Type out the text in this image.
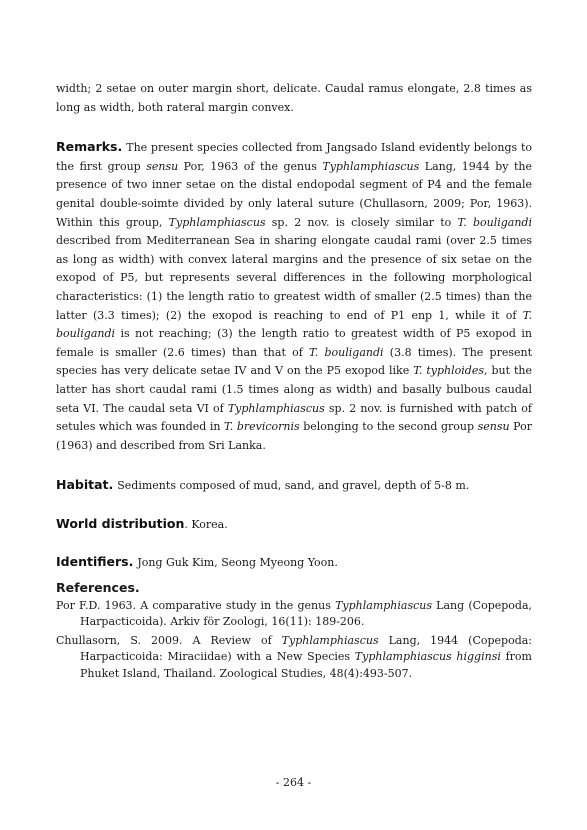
width; 2 setae on outer margin short, delicate. Caudal ramus elongate, 2.8 times as long as width, both rateral margin convex.

Remarks. The present species collected from Jangsado Island evidently belongs to the first group sensu Por, 1963 of the genus Typhlamphiascus Lang, 1944 by the presence of two inner setae on the distal endopodal segment of P4 and the female genital double-soimte divided by only lateral suture (Chullasorn, 2009; Por, 1963). Within this group, Typhlamphiascus sp. 2 nov. is closely similar to T. bouligandi described from Mediterranean Sea in sharing elongate caudal rami (over 2.5 times as long as width) with convex lateral margins and the presence of six setae on the exopod of P5, but represents several differences in the following morphological characteristics: (1) the length ratio to greatest width of smaller (2.5 times) than the latter (3.3 times); (2) the exopod is reaching to end of P1 enp 1, while it of T. bouligandi is not reaching; (3) the length ratio to greatest width of P5 exopod in female is smaller (2.6 times) than that of T. bouligandi (3.8 times). The present species has very delicate setae IV and V on the P5 exopod like T. typhloides, but the latter has short caudal rami (1.5 times along as width) and basally bulbous caudal seta VI. The caudal seta VI of Typhlamphiascus sp. 2 nov. is furnished with patch of setules which was founded in T. brevicornis belonging to the second group sensu Por (1963) and described from Sri Lanka.

Habitat. Sediments composed of mud, sand, and gravel, depth of 5-8 m.

World distribution. Korea.

Identifiers. Jong Guk Kim, Seong Myeong Yoon.

References.

Por F.D. 1963. A comparative study in the genus Typhlamphiascus Lang (Copepoda, Harpacticoida). Arkiv för Zoologi, 16(11): 189-206.

Chullasorn, S. 2009. A Review of Typhlamphiascus Lang, 1944 (Copepoda: Harpacticoida: Miraciidae) with a New Species Typhlamphiascus higginsi from Phuket Island, Thailand. Zoological Studies, 48(4):493-507.

- 264 -
